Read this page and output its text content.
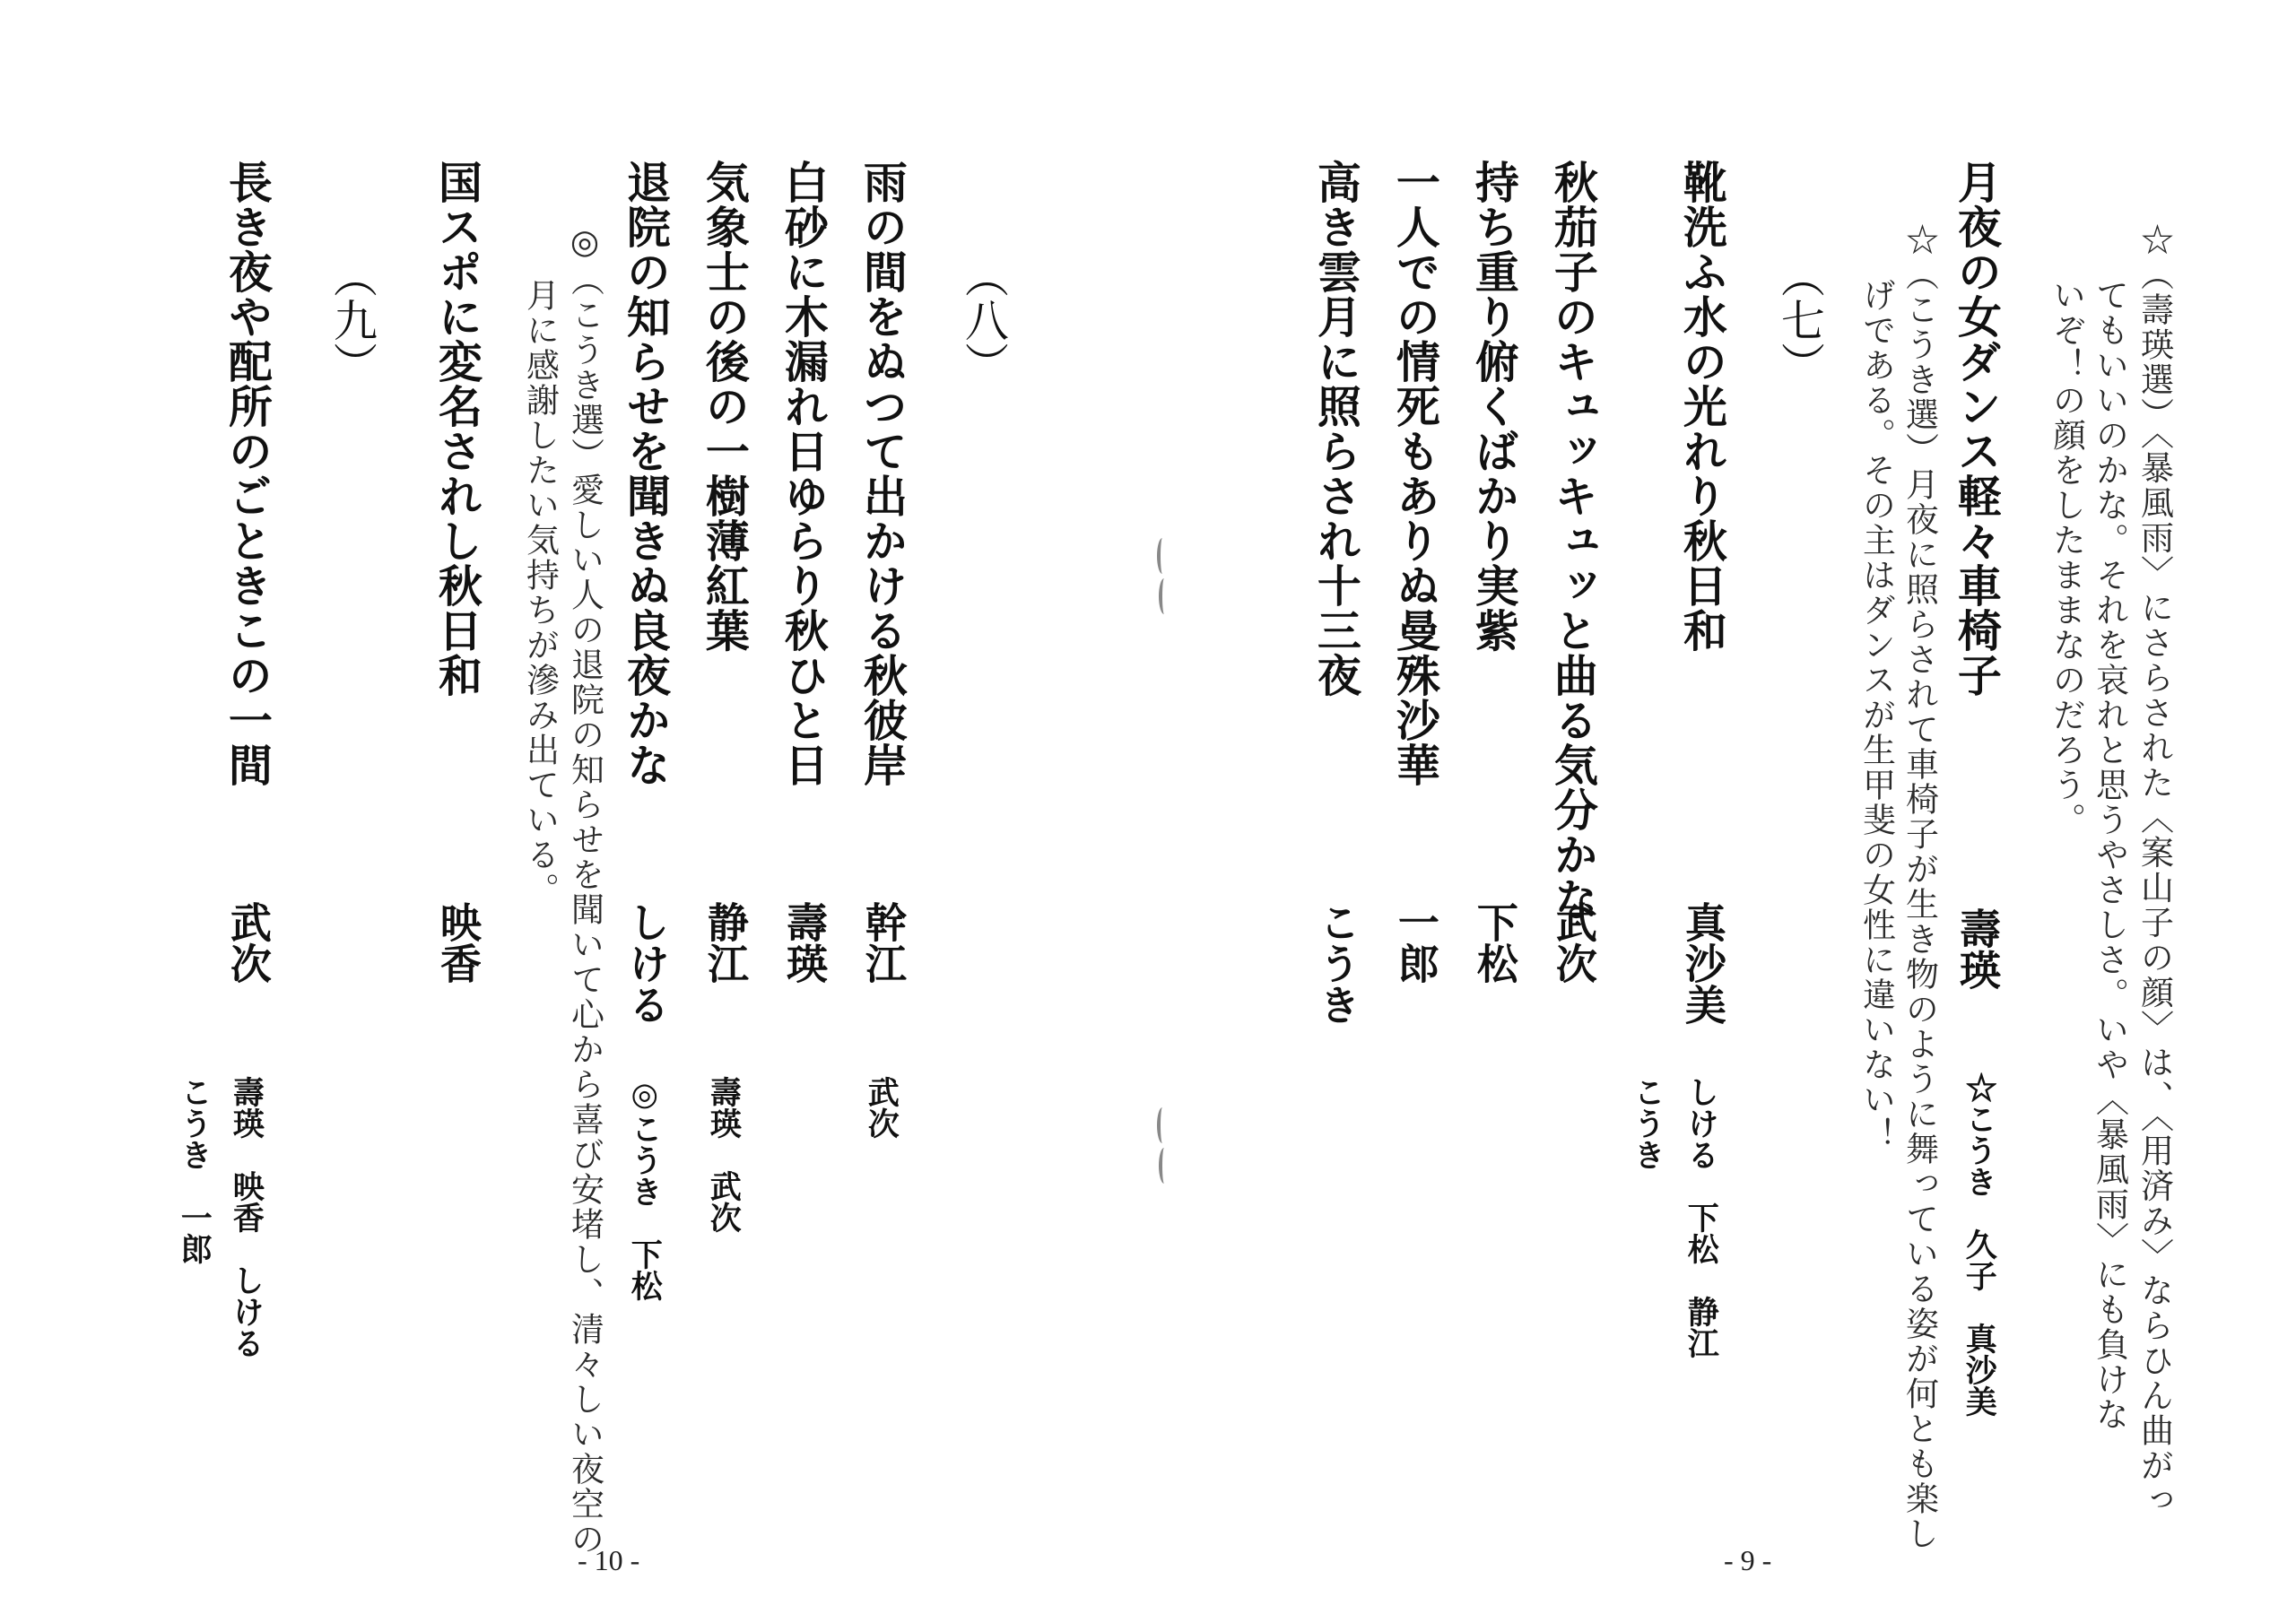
☆（壽瑛選）〈暴風雨〉にさらされた〈案山子の顔〉は、〈用済み〉ならひん曲がっ
てもいいのかな。それを哀れと思うやさしさ。いや〈暴風雨〉にも負けな
いぞ！の顔をしたままなのだろう。
月夜の女ダンス軽々車椅子
壽瑛
☆こうき　久子　真沙美
☆（こうき選）月夜に照らされて車椅子が生き物のように舞っている姿が何とも楽し
げである。その主はダンスが生甲斐の女性に違いない！
（七）
靴洗ふ水の光れり秋日和
真沙美
しける　下松　静江
こうき
秋茄子のキュッキュッと曲る気分かな
武次
持ち重り俯くばかり実紫
下松
一人での情死もありぬ曼殊沙華
一郎
高き雲月に照らされ十三夜
こうき
- 9 -
（八）
雨の間をぬつて出かける秋彼岸
幹江
武次
白砂に木漏れ日ゆらり秋ひと日
壽瑛
気象士の後の一樹薄紅葉
静江
壽瑛　武次
退院の知らせを聞きぬ良夜かな
しける
◎こうき　下松
◎（こうき選）愛しい人の退院の知らせを聞いて心から喜び安堵し、清々しい夜空の
月に感謝したい気持ちが滲み出ている。
国スポに変名されし秋日和
映香
（九）
長き夜や配所のごときこの一間
武次
壽瑛　映香　しける
こうき　一郎
- 10 -
